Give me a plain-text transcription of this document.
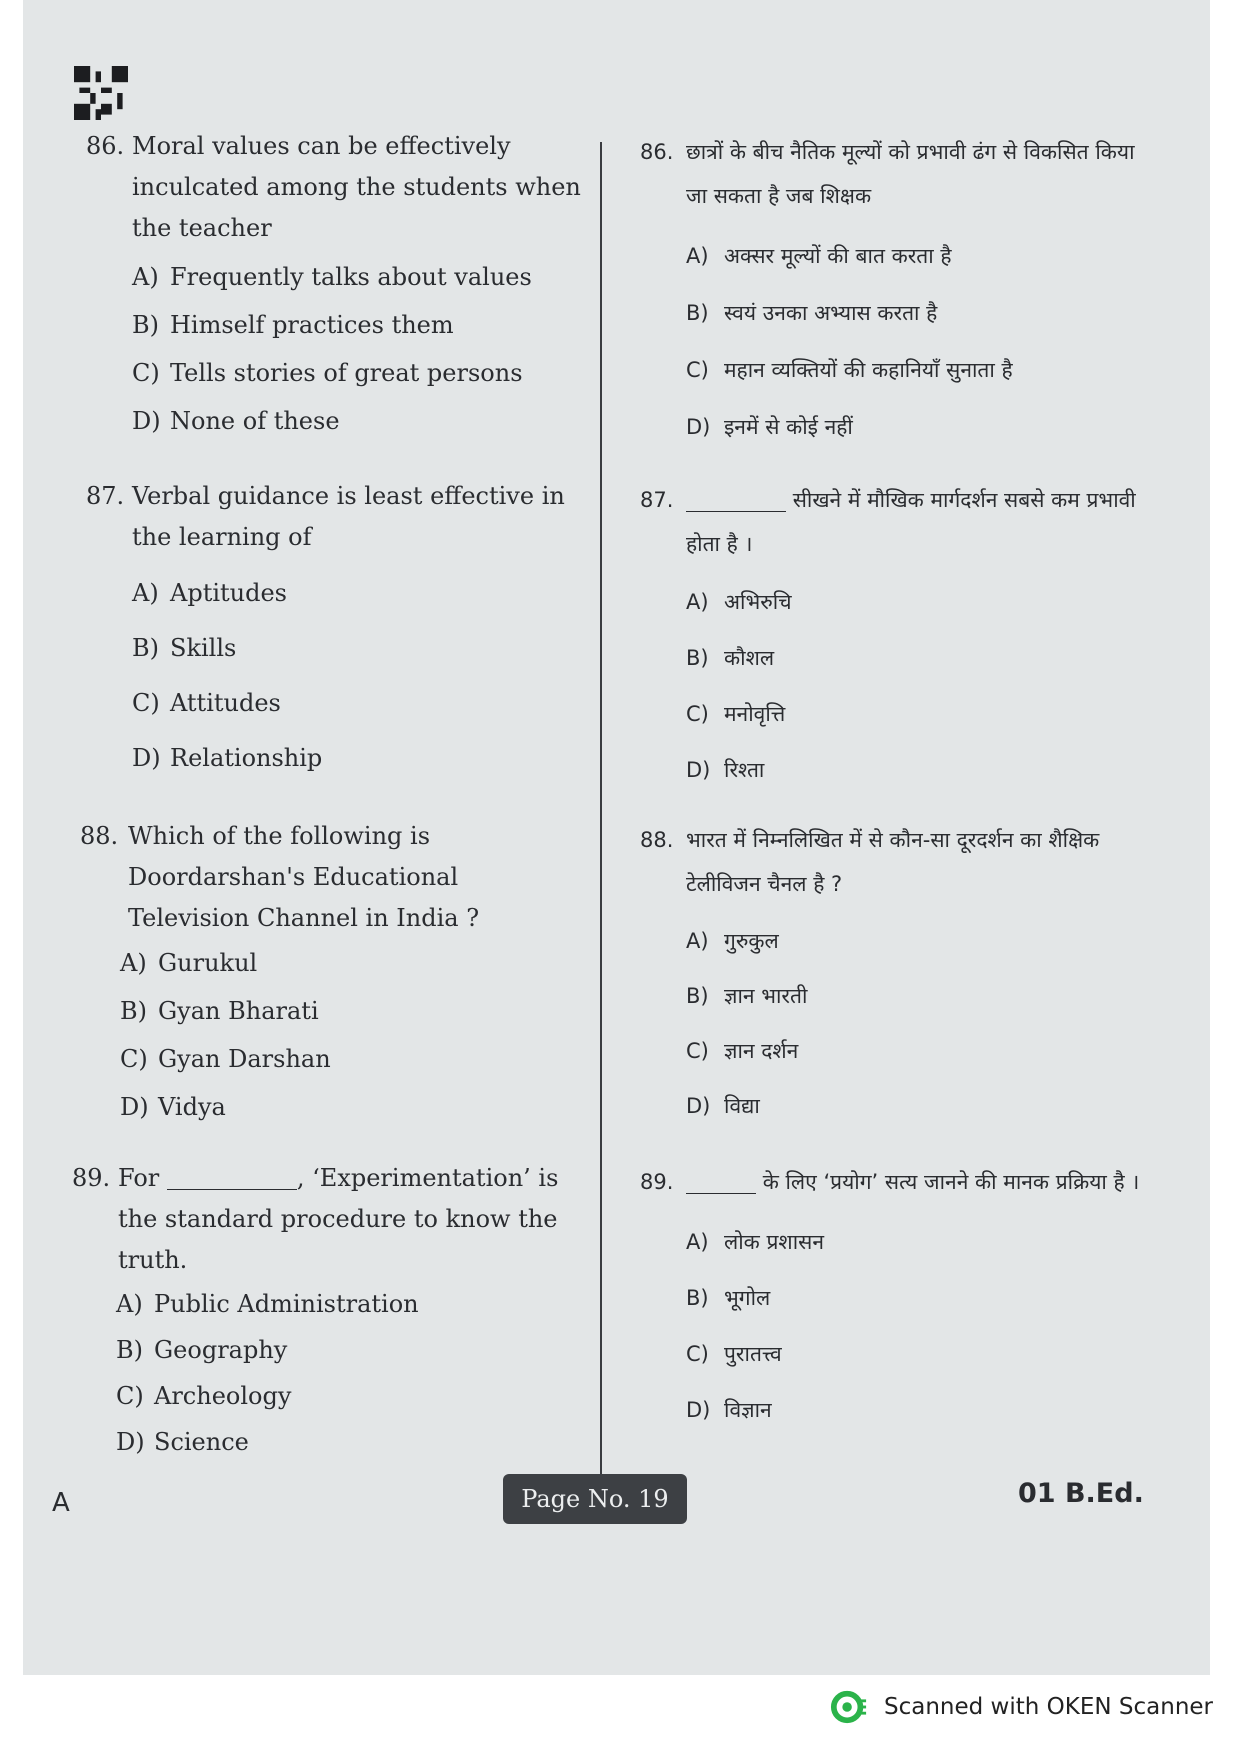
86. Moral values can be effectively inculcated among the students when the teacher
A) Frequently talks about values
B) Himself practices them
C) Tells stories of great persons
D) None of these
87. Verbal guidance is least effective in the learning of
A) Aptitudes
B) Skills
C) Attitudes
D) Relationship
88. Which of the following is Doordarshan's Educational Television Channel in India ?
A) Gurukul
B) Gyan Bharati
C) Gyan Darshan
D) Vidya
89. For	, ‘Experimentation’ is the standard procedure to know the truth.
A) Public Administration
B) Geography
C) Archeology
D) Science
86. छात्रों के बीच नैतिक मूल्यों को प्रभावी ढंग से विकसित किया जा सकता है जब शिक्षक
A) अक्सर मूल्यों की बात करता है
B) स्वयं उनका अभ्यास करता है
C) महान व्यक्तियों की कहानियाँ सुनाता है
D) इनमें से कोई नहीं
87.	सीखने में मौखिक मार्गदर्शन सबसे कम प्रभावी होता है ।
A) अभिरुचि
B) कौशल
C) मनोवृत्ति
D) रिश्ता
88. भारत में निम्नलिखित में से कौन-सा दूरदर्शन का शैक्षिक टेलीविजन चैनल है ?
A) गुरुकुल
B) ज्ञान भारती
C) ज्ञान दर्शन
D) विद्या
89.	के लिए ‘प्रयोग’ सत्य जानने की मानक प्रक्रिया है ।
A) लोक प्रशासन
B) भूगोल
C) पुरातत्त्व
D) विज्ञान
A	Page No. 19	01 B.Ed.
Scanned with OKEN Scanner
